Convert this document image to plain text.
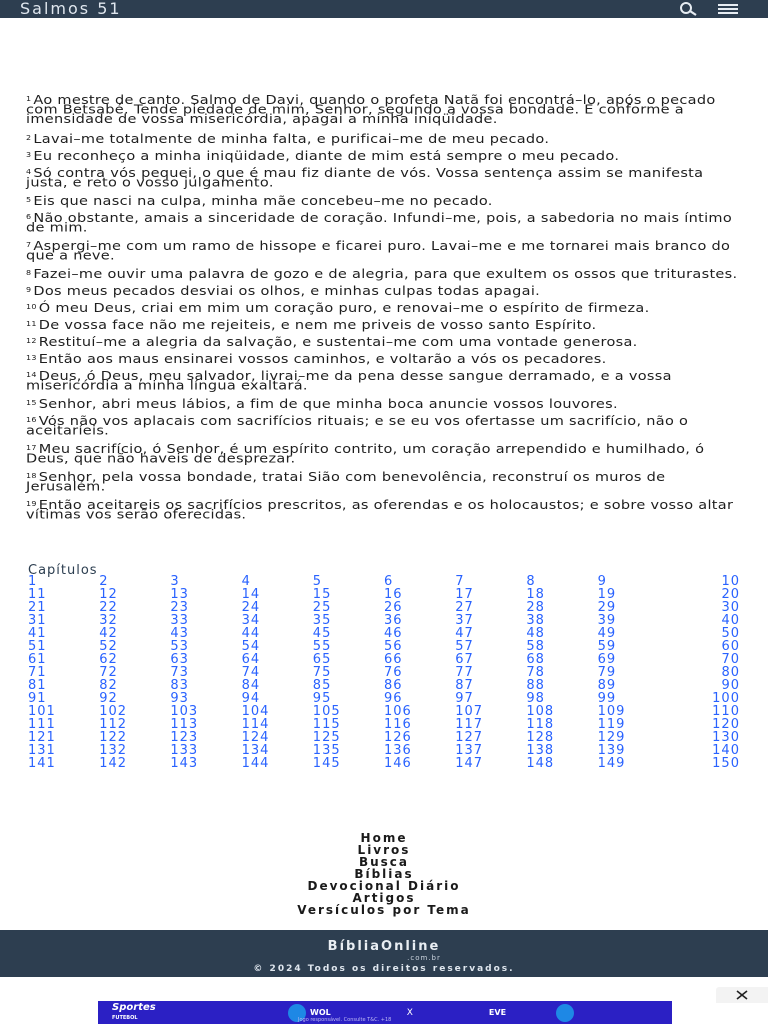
Salmos 51

$^1$ Ao mestre de canto. Salmo de Davi, quando o profeta Natã foi encontrá–lo, após o pecado com Betsabé. Tende piedade de mim, Senhor, segundo a vossa bondade. E conforme a imensidade de vossa misericórdia, apagai a minha iniqüidade.

$^2$ Lavai–me totalmente de minha falta, e purificai–me de meu pecado.

$^3$ Eu reconheço a minha iniqüidade, diante de mim está sempre o meu pecado.

$^4$ Só contra vós pequei, o que é mau fiz diante de vós. Vossa sentença assim se manifesta justa, e reto o vosso julgamento.

$^5$ Eis que nasci na culpa, minha mãe concebeu–me no pecado.

$^6$ Não obstante, amais a sinceridade de coração. Infundi–me, pois, a sabedoria no mais íntimo de mim.

$^7$ Aspergi–me com um ramo de hissope e ficarei puro. Lavai–me e me tornarei mais branco do que a neve.

$^8$ Fazei–me ouvir uma palavra de gozo e de alegria, para que exultem os ossos que triturastes.

$^9$ Dos meus pecados desviai os olhos, e minhas culpas todas apagai.

$^{10}$ Ó meu Deus, criai em mim um coração puro, e renovai–me o espírito de firmeza.

$^{11}$ De vossa face não me rejeiteis, e nem me priveis de vosso santo Espírito.

$^{12}$ Restituí–me a alegria da salvação, e sustentai–me com uma vontade generosa.

$^{13}$ Então aos maus ensinarei vossos caminhos, e voltarão a vós os pecadores.

$^{14}$ Deus, ó Deus, meu salvador, livrai–me da pena desse sangue derramado, e a vossa misericórdia a minha língua exaltará.

$^{15}$ Senhor, abri meus lábios, a fim de que minha boca anuncie vossos louvores.

$^{16}$ Vós não vos aplacais com sacrifícios rituais; e se eu vos ofertasse um sacrifício, não o aceitaríeis.

$^{17}$ Meu sacrifício, ó Senhor, é um espírito contrito, um coração arrependido e humilhado, ó Deus, que não haveis de desprezar.

$^{18}$ Senhor, pela vossa bondade, tratai Sião com benevolência, reconstruí os muros de Jerusalém.

$^{19}$ Então aceitareis os sacrifícios prescritos, as oferendas e os holocaustos; e sobre vosso altar vítimas vos serão oferecidas.

Capítulos
1	2	3	4	5	6	7	8	9	10
11	12	13	14	15	16	17	18	19	20
21	22	23	24	25	26	27	28	29	30
31	32	33	34	35	36	37	38	39	40
41	42	43	44	45	46	47	48	49	50
51	52	53	54	55	56	57	58	59	60
61	62	63	64	65	66	67	68	69	70
71	72	73	74	75	76	77	78	79	80
81	82	83	84	85	86	87	88	89	90
91	92	93	94	95	96	97	98	99	100
101	102	103	104	105	106	107	108	109	110
111	112	113	114	115	116	117	118	119	120
121	122	123	124	125	126	127	128	129	130
131	132	133	134	135	136	137	138	139	140
141	142	143	144	145	146	147	148	149	150
Home
Livros
Busca
Bíblias
Devocional Diário
Artigos
Versículos por Tema
BíbliaOnline
.com.br
© 2024 Todos os direitos reservados.
Sportes
FUTEBOL
WOL	X	EVE
Jogo responsável. Consulte T&C. +18
